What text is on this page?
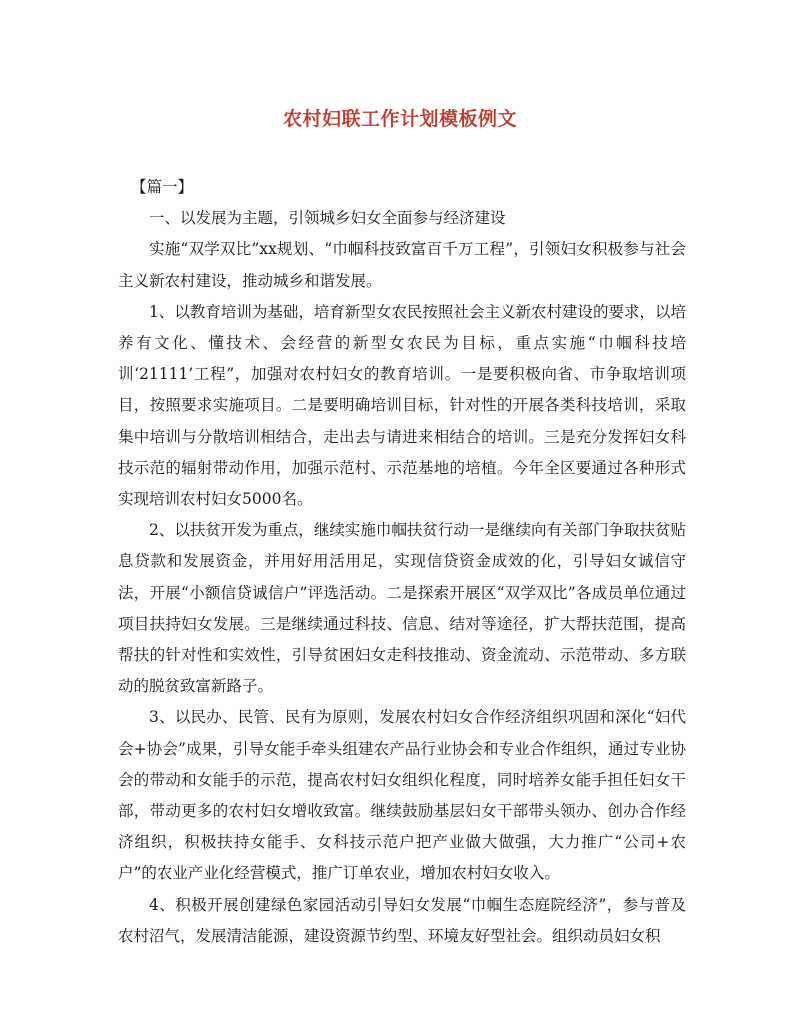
农村妇联工作计划模板例文

【篇一】

一、以发展为主题，引领城乡妇女全面参与经济建设

实施“双学双比”xx规划、“巾帼科技致富百千万工程”，引领妇女积极参与社会主义新农村建设，推动城乡和谐发展。

1、以教育培训为基础，培育新型女农民按照社会主义新农村建设的要求，以培养有文化、懂技术、会经营的新型女农民为目标，重点实施“巾帼科技培训‘21111’工程”，加强对农村妇女的教育培训。一是要积极向省、市争取培训项目，按照要求实施项目。二是要明确培训目标，针对性的开展各类科技培训，采取集中培训与分散培训相结合，走出去与请进来相结合的培训。三是充分发挥妇女科技示范的辐射带动作用，加强示范村、示范基地的培植。今年全区要通过各种形式实现培训农村妇女5000名。

2、以扶贫开发为重点，继续实施巾帼扶贫行动一是继续向有关部门争取扶贫贴息贷款和发展资金，并用好用活用足，实现信贷资金成效的化，引导妇女诚信守法，开展“小额信贷诚信户”评选活动。二是探索开展区“双学双比”各成员单位通过项目扶持妇女发展。三是继续通过科技、信息、结对等途径，扩大帮扶范围，提高帮扶的针对性和实效性，引导贫困妇女走科技推动、资金流动、示范带动、多方联动的脱贫致富新路子。

3、以民办、民管、民有为原则，发展农村妇女合作经济组织巩固和深化“妇代会+协会”成果，引导女能手牵头组建农产品行业协会和专业合作组织，通过专业协会的带动和女能手的示范，提高农村妇女组织化程度，同时培养女能手担任妇女干部，带动更多的农村妇女增收致富。继续鼓励基层妇女干部带头领办、创办合作经济组织，积极扶持女能手、女科技示范户把产业做大做强，大力推广“公司+农户”的农业产业化经营模式，推广订单农业，增加农村妇女收入。

4、积极开展创建绿色家园活动引导妇女发展“巾帼生态庭院经济”，参与普及农村沼气，发展清洁能源，建设资源节约型、环境友好型社会。组织动员妇女积
